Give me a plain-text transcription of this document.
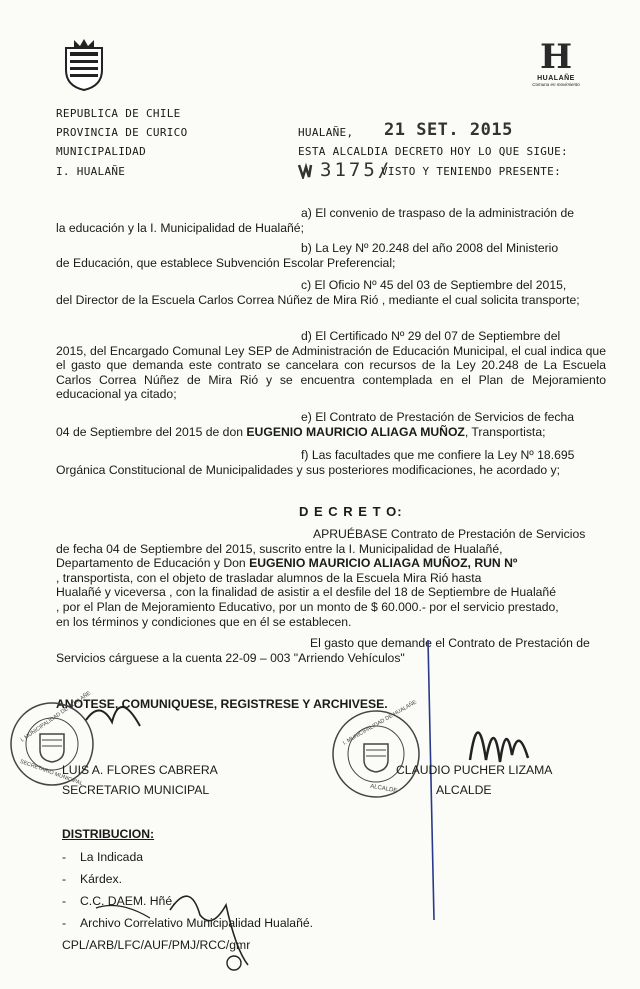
H
HUALAÑE
Comuna en movimiento
REPUBLICA DE CHILE
PROVINCIA DE CURICO
MUNICIPALIDAD
I. HUALAÑE
HUALAÑE, 21 SET. 2015
ESTA ALCALDIA DECRETO HOY LO QUE SIGUE:
3175/
VISTO Y TENIENDO PRESENTE:
a) El convenio de traspaso de la administración de
la educación y la I. Municipalidad de Hualañé;
b) La Ley Nº 20.248 del año 2008 del Ministerio
de Educación, que establece Subvención Escolar Preferencial;
c) El Oficio Nº 45 del 03 de Septiembre del 2015,
del Director de la Escuela Carlos Correa Núñez de Mira Rió , mediante el cual solicita transporte;
d) El Certificado Nº 29 del 07 de Septiembre del
2015, del Encargado Comunal Ley SEP de Administración de Educación Municipal, el cual indica que el gasto que demanda este contrato se cancelara con recursos de la Ley 20.248 de La Escuela Carlos Correa Núñez de Mira Rió y se encuentra contemplada en el Plan de Mejoramiento educacional ya citado;
e) El Contrato de Prestación de Servicios de fecha
04 de Septiembre del 2015 de don EUGENIO MAURICIO ALIAGA MUÑOZ, Transportista;
f) Las facultades que me confiere la Ley Nº 18.695
Orgánica Constitucional de Municipalidades y sus posteriores modificaciones, he acordado y;
D E C R E T O:
APRUÉBASE Contrato de Prestación de Servicios
de fecha 04 de Septiembre del 2015, suscrito entre la I. Municipalidad de Hualañé,
Departamento de Educación y Don EUGENIO MAURICIO ALIAGA MUÑOZ, RUN Nº
, transportista, con el objeto de trasladar alumnos de la Escuela Mira Rió hasta
Hualañé y viceversa , con la finalidad de asistir a el desfile del 18 de Septiembre de Hualañé
, por el Plan de Mejoramiento Educativo, por un monto de $ 60.000.- por el servicio prestado,
en los términos y condiciones que en él se establecen.
El gasto que demande el Contrato de Prestación de
Servicios cárguese a la cuenta 22-09 – 003 "Arriendo Vehículos"
ANOTESE, COMUNIQUESE, REGISTRESE Y ARCHIVESE.
I. MUNICIPALIDAD DE HUALAÑE
SECRETARIO MUNICIPAL
I. MUNICIPALIDAD DE HUALAÑE
ALCALDE
LUIS A. FLORES CABRERA
SECRETARIO MUNICIPAL
CLAUDIO PUCHER LIZAMA
ALCALDE
DISTRIBUCION:
- La Indicada
- Kárdex.
- C.C. DAEM. Hñé.
- Archivo Correlativo Municipalidad Hualañé.
CPL/ARB/LFC/AUF/PMJ/RCC/gmr
